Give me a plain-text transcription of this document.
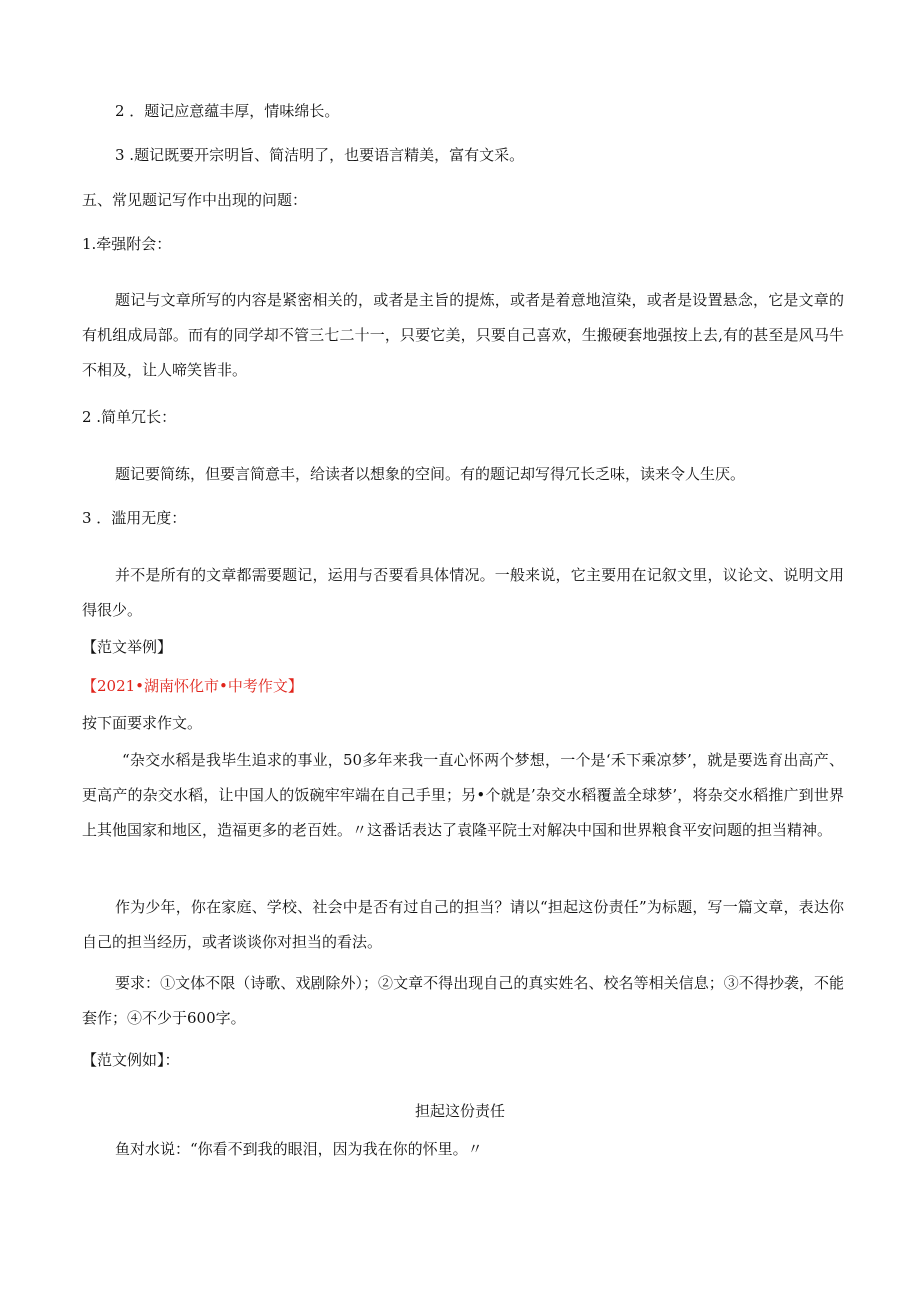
2 ．题记应意蕴丰厚，情味绵长。
3 .题记既要开宗明旨、简洁明了，也要语言精美，富有文采。
五、常见题记写作中出现的问题：
1.牵强附会：
题记与文章所写的内容是紧密相关的，或者是主旨的提炼，或者是着意地渲染，或者是设置悬念，它是文章的有机组成局部。而有的同学却不管三七二十一，只要它美，只要自己喜欢，生搬硬套地强按上去,有的甚至是风马牛不相及，让人啼笑皆非。
2 .简单冗长：
题记要简练，但要言简意丰，给读者以想象的空间。有的题记却写得冗长乏味，读来令人生厌。
3 ．滥用无度：
并不是所有的文章都需要题记，运用与否要看具体情况。一般来说，它主要用在记叙文里，议论文、说明文用得很少。
【范文举例】
【2021•湖南怀化市•中考作文】
按下面要求作文。
“杂交水稻是我毕生追求的事业，50多年来我一直心怀两个梦想，一个是‘禾下乘凉梦’，就是要选育出高产、更高产的杂交水稻，让中国人的饭碗牢牢端在自己手里；另•个就是’杂交水稻覆盖全球梦’，将杂交水稻推广到世界上其他国家和地区，造福更多的老百姓。〃这番话表达了袁隆平院士对解决中国和世界粮食平安问题的担当精神。
作为少年，你在家庭、学校、社会中是否有过自己的担当？请以“担起这份责任”为标题，写一篇文章，表达你自己的担当经历，或者谈谈你对担当的看法。
要求：①文体不限（诗歌、戏剧除外）；②文章不得出现自己的真实姓名、校名等相关信息；③不得抄袭，不能套作；④不少于600字。
【范文例如】：
担起这份责任
鱼对水说：“你看不到我的眼泪，因为我在你的怀里。〃
